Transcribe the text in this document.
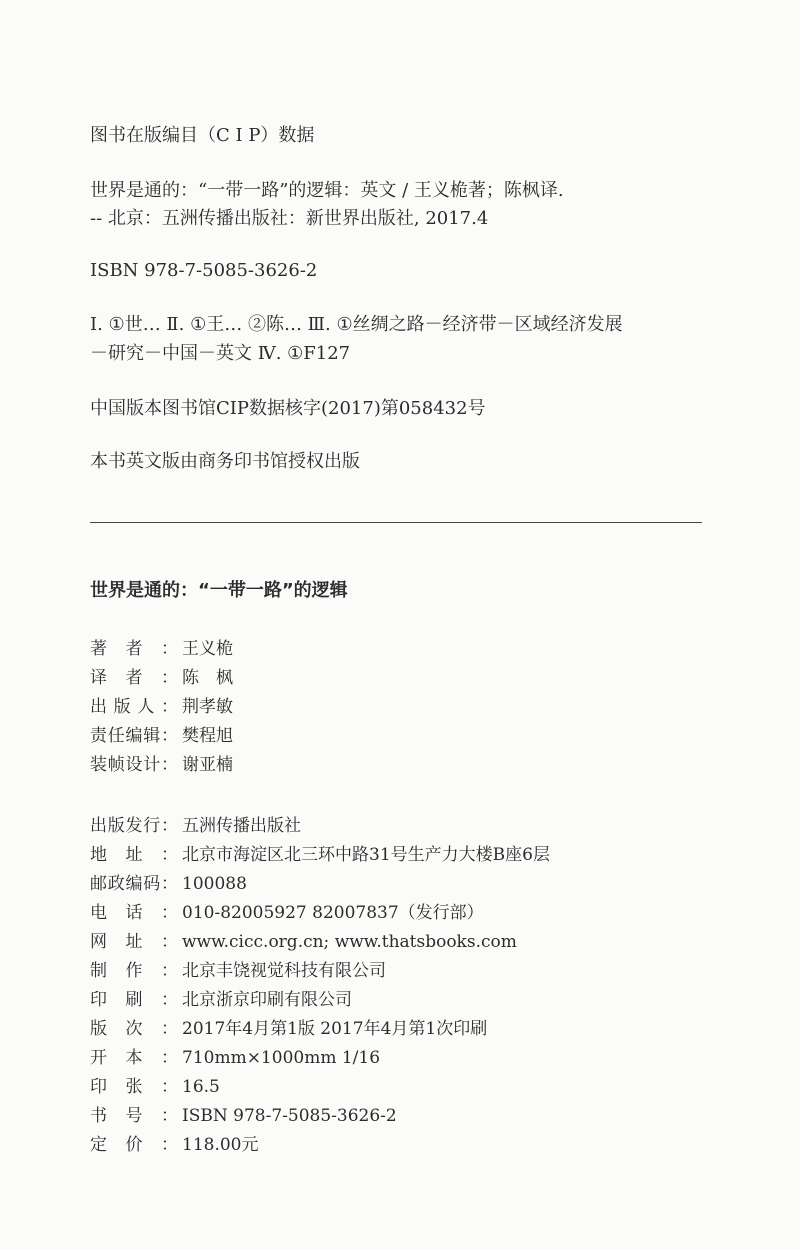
图书在版编目（C I P）数据
世界是通的：“一带一路”的逻辑：英文 / 王义桅著；陈枫译.
-- 北京：五洲传播出版社：新世界出版社, 2017.4
ISBN 978-7-5085-3626-2
Ⅰ. ①世… Ⅱ. ①王… ②陈… Ⅲ. ①丝绸之路－经济带－区域经济发展
－研究－中国－英文 Ⅳ. ①F127
中国版本图书馆CIP数据核字(2017)第058432号
本书英文版由商务印书馆授权出版
世界是通的：“一带一路”的逻辑
著 者 ： 王义桅
译 者 ： 陈　枫
出 版 人 ： 荆孝敏
责 任 编 辑 ： 樊程旭
装 帧 设 计 ： 谢亚楠
出 版 发 行 ： 五洲传播出版社
地 址 ： 北京市海淀区北三环中路31号生产力大楼B座6层
邮 政 编 码 ： 100088
电 话 ： 010-82005927 82007837（发行部）
网 址 ： www.cicc.org.cn; www.thatsbooks.com
制 作 ： 北京丰饶视觉科技有限公司
印 刷 ： 北京浙京印刷有限公司
版 次 ： 2017年4月第1版 2017年4月第1次印刷
开 本 ： 710mm×1000mm 1/16
印 张 ： 16.5
书 号 ： ISBN 978-7-5085-3626-2
定 价 ： 118.00元
